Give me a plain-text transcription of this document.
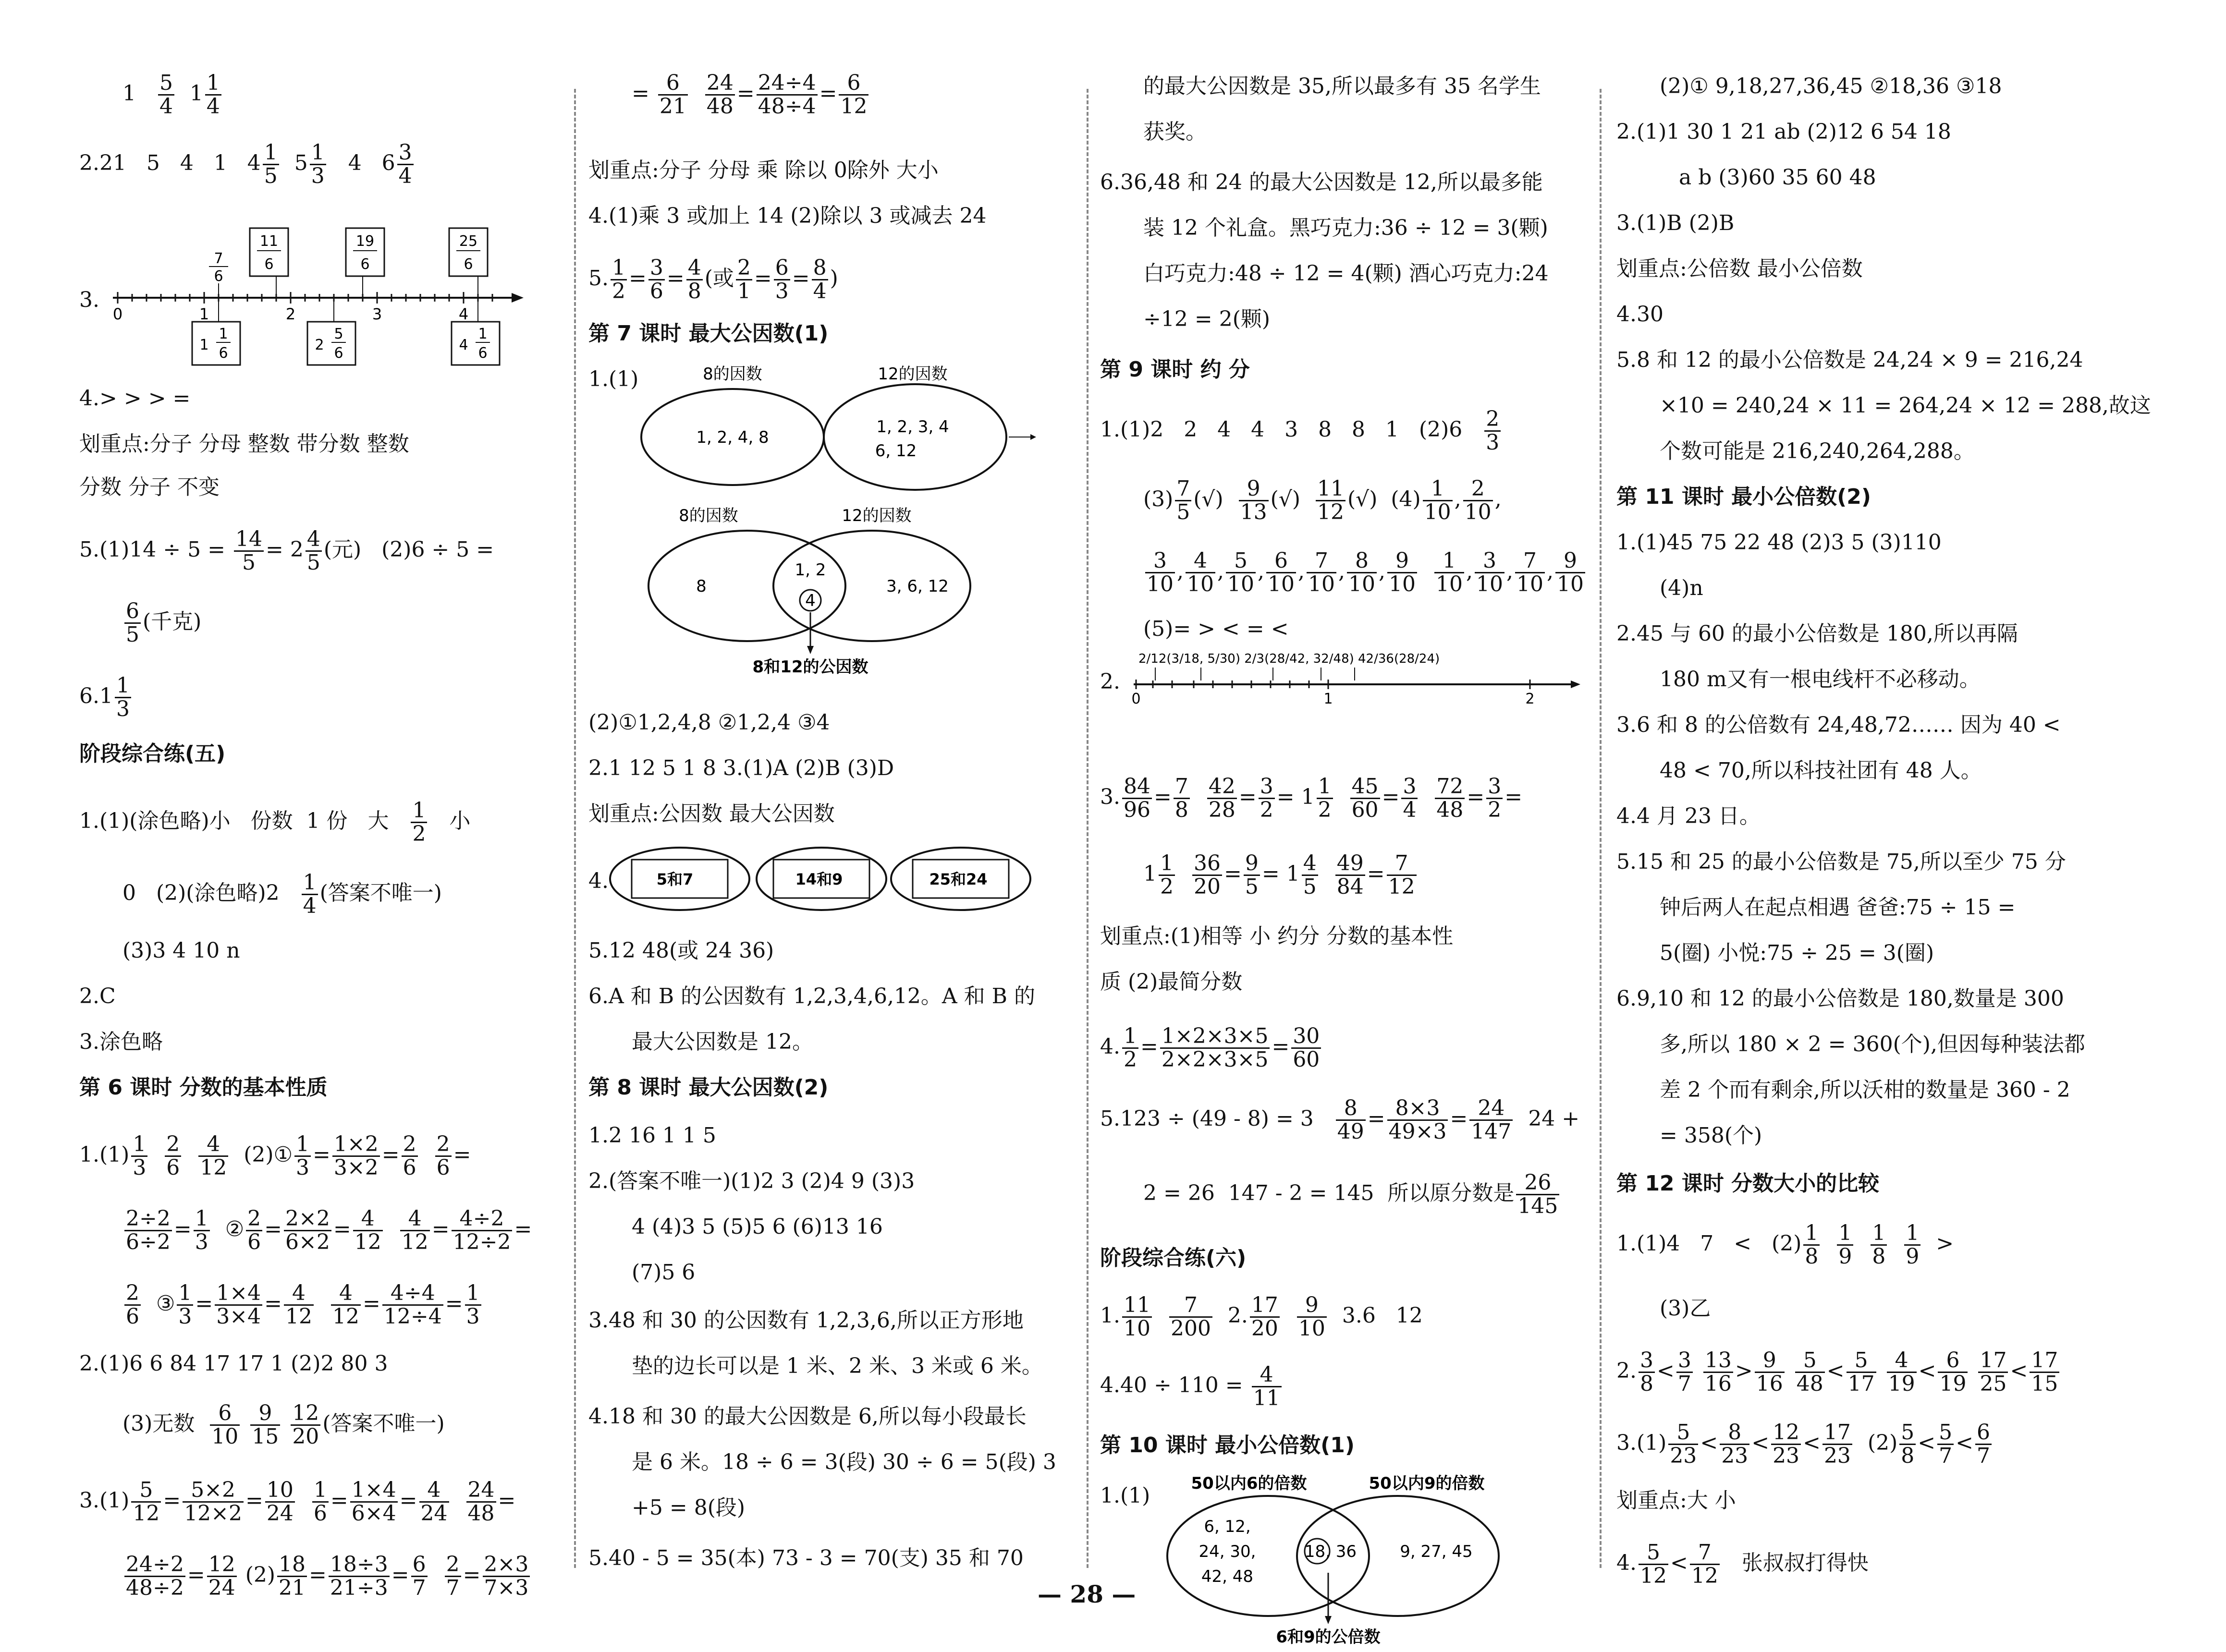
$1 \frac{5}{4} 1 \frac{1}{4}$
2.21   5   4   1   $4 \frac{1}{5} 5 \frac{1}{3} 4$   $6 \frac{3}{4}$
3.
4.> > > =
划重点:分子 分母 整数 带分数 整数
分数 分子 不变
$5.(1)14 \div 5 = \frac{14}{5} = 2 \frac{4}{5}$ (元)   (2)6 ÷ 5 =
$\frac{6}{5}$ (千克)
$6.1 \frac{1}{3}$
阶段综合练(五)
1.(1)(涂色略)小   份数  1 份   大 $\frac{1}{2}$ 小
0   (2)(涂色略)$2 \frac{1}{4}$ (答案不唯一)
(3)3 4 10 n
2.C
3.涂色略
第 6 课时 分数的基本性质
$1.(1) \frac{1}{3}$
$\frac{2}{6}$
$\frac{4}{12}$ (2)① $\frac{1}{3} = \frac{1\times 2}{3\times 2} = \frac{2}{6}$
$\frac{2}{6}$ =
$\frac{2\div 2}{6\div 2} = \frac{1}{3}$ ② $\frac{2}{6} = \frac{2\times 2}{6\times 2} = \frac{4}{12}$
$\frac{4}{12} = \frac{4\div 2}{12\div 2}$ =
$\frac{2}{6}$ ③ $\frac{1}{3} = \frac{1\times 4}{3\times 4} = \frac{4}{12}$
$\frac{4}{12} = \frac{4\div 4}{12\div 4} = \frac{1}{3}$
2.(1)6 6 84 17 17 1 (2)2 80 3
(3)无数 $\frac{6}{10}$
$\frac{9}{15}$
$\frac{12}{20}$ (答案不唯一)
$3.(1) \frac{5}{12} = \frac{5\times 2}{12\times 2} = \frac{10}{24}$
$\frac{1}{6} = \frac{1\times 4}{6\times 4} = \frac{4}{24}$
$\frac{24}{48}$ =
$\frac{24\div 2}{48\div 2} = \frac{12}{24} (2) \frac{18}{21} = \frac{18\div 3}{21\div 3} = \frac{6}{7}$
$\frac{2}{7} = \frac{2\times 3}{7\times 3}$
0	1	2	3	4
7
6
11
6
19
6
25
6
1
1
6	2
5
6	4
1
6
= $\frac{6}{21}$
$\frac{24}{48} = \frac{24\div 4}{48\div 4} = \frac{6}{12}$
划重点:分子 分母 乘 除以 0除外 大小
4.(1)乘 3 或加上 14 (2)除以 3 或减去 24
5. $\frac{1}{2} = \frac{3}{6} = \frac{4}{8}$ (或 $\frac{2}{1} = \frac{6}{3} = \frac{8}{4}$ )
第 7 课时 最大公因数(1)
1.(1)	8的因数	12的因数
1, 2, 4, 8
1, 2, 3, 4
6, 12
8的因数	12的因数
8
1, 2
4
3, 6, 12
8和12的公因数
(2)①1,2,4,8 ②1,2,4 ③4
2.1 12 5 1 8 3.(1)A (2)B (3)D
划重点:公因数 最大公因数
4.	5和7	14和9	25和24
5.12 48(或 24 36)
6.A 和 B 的公因数有 1,2,3,4,6,12。A 和 B 的
最大公因数是 12。
第 8 课时 最大公因数(2)
1.2 16 1 1 5
2.(答案不唯一)(1)2 3 (2)4 9 (3)3
4 (4)3 5 (5)5 6 (6)13 16
(7)5 6
3.48 和 30 的公因数有 1,2,3,6,所以正方形地
垫的边长可以是 1 米、2 米、3 米或 6 米。
4.18 和 30 的最大公因数是 6,所以每小段最长
是 6 米。18 ÷ 6 = 3(段) 30 ÷ 6 = 5(段) 3
+5 = 8(段)
5.40 - 5 = 35(本) 73 - 3 = 70(支) 35 和 70
的最大公因数是 35,所以最多有 35 名学生
获奖。
6.36,48 和 24 的最大公因数是 12,所以最多能
装 12 个礼盒。黑巧克力:36 ÷ 12 = 3(颗)
白巧克力:48 ÷ 12 = 4(颗) 酒心巧克力:24
÷12 = 2(颗)
第 9 课时 约 分
1.(1)2   2   4   4   3   8   8   1   $(2)6 \frac{2}{3}$
$(3) \frac{7}{5}$ (√) $\frac{9}{13}$ (√) $\frac{11}{12}$ (√)  $(4) \frac{1}{10}$ , $\frac{2}{10}$ ,
$\frac{3}{10}$ , $\frac{4}{10}$ , $\frac{5}{10}$ , $\frac{6}{10}$ , $\frac{7}{10}$ , $\frac{8}{10}$ , $\frac{9}{10}$
$\frac{1}{10}$ , $\frac{3}{10}$ , $\frac{7}{10}$ , $\frac{9}{10}$
(5)= > < = <
2.
0	1	2
2/12(3/18, 5/30) 2/3(28/42, 32/48) 42/36(28/24)
3. $\frac{84}{96} = \frac{7}{8}$
$\frac{42}{28} = \frac{3}{2} = 1 \frac{1}{2}$
$\frac{45}{60} = \frac{3}{4}$
$\frac{72}{48} = \frac{3}{2}$ =
$1 \frac{1}{2}$
$\frac{36}{20} = \frac{9}{5} = 1 \frac{4}{5}$
$\frac{49}{84} = \frac{7}{12}$
划重点:(1)相等 小 约分 分数的基本性
质 (2)最简分数
4. $\frac{1}{2} = \frac{1\times 2\times 3\times 5}{2\times 2\times 3\times 5} = \frac{30}{60}$
$5.123 \div (49 - 8) = 3 \frac{8}{49} = \frac{8\times 3}{49\times 3} = \frac{24}{147} 24$ +
2 = 26  147 - 2 = 145  所以原分数是 $\frac{26}{145}$
阶段综合练(六)
1. $\frac{11}{10}$
$\frac{7}{200} 2$. $\frac{17}{20}$
$\frac{9}{10} 3.6$   12
$4.40 \div 110 = \frac{4}{11}$
第 10 课时 最小公倍数(1)
1.(1)	50以内6的倍数	50以内9的倍数
6, 12,
24, 30,
42, 48
18, 36	9, 27, 45
6和9的公倍数
(2)① 9,18,27,36,45 ②18,36 ③18
2.(1)1 30 1 21 ab (2)12 6 54 18
a b (3)60 35 60 48
3.(1)B (2)B
划重点:公倍数 最小公倍数
4.30
5.8 和 12 的最小公倍数是 24,24 × 9 = 216,24
×10 = 240,24 × 11 = 264,24 × 12 = 288,故这
个数可能是 216,240,264,288。
第 11 课时 最小公倍数(2)
1.(1)45 75 22 48 (2)3 5 (3)110
(4)n
2.45 与 60 的最小公倍数是 180,所以再隔
180 m又有一根电线杆不必移动。
3.6 和 8 的公倍数有 24,48,72…… 因为 40 <
48 < 70,所以科技社团有 48 人。
4.4 月 23 日。
5.15 和 25 的最小公倍数是 75,所以至少 75 分
钟后两人在起点相遇 爸爸:75 ÷ 15 =
5(圈) 小悦:75 ÷ 25 = 3(圈)
6.9,10 和 12 的最小公倍数是 180,数量是 300
多,所以 180 × 2 = 360(个),但因每种装法都
差 2 个而有剩余,所以沃柑的数量是 360 - 2
= 358(个)
第 12 课时 分数大小的比较
1.(1)4   $7 < (2) \frac{1}{8}$
$\frac{1}{9}$
$\frac{1}{8}$
$\frac{1}{9}$ >
(3)乙
2. $\frac{3}{8} < \frac{3}{7}$
$\frac{13}{16} > \frac{9}{16}$
$\frac{5}{48} < \frac{5}{17}$
$\frac{4}{19} < \frac{6}{19}$
$\frac{17}{25} < \frac{17}{15}$
$3.(1) \frac{5}{23} < \frac{8}{23} < \frac{12}{23} < \frac{17}{23} (2) \frac{5}{8} < \frac{5}{7} < \frac{6}{7}$
划重点:大 小
4. $\frac{5}{12} < \frac{7}{12}$ 张叔叔打得快
— 28 —
